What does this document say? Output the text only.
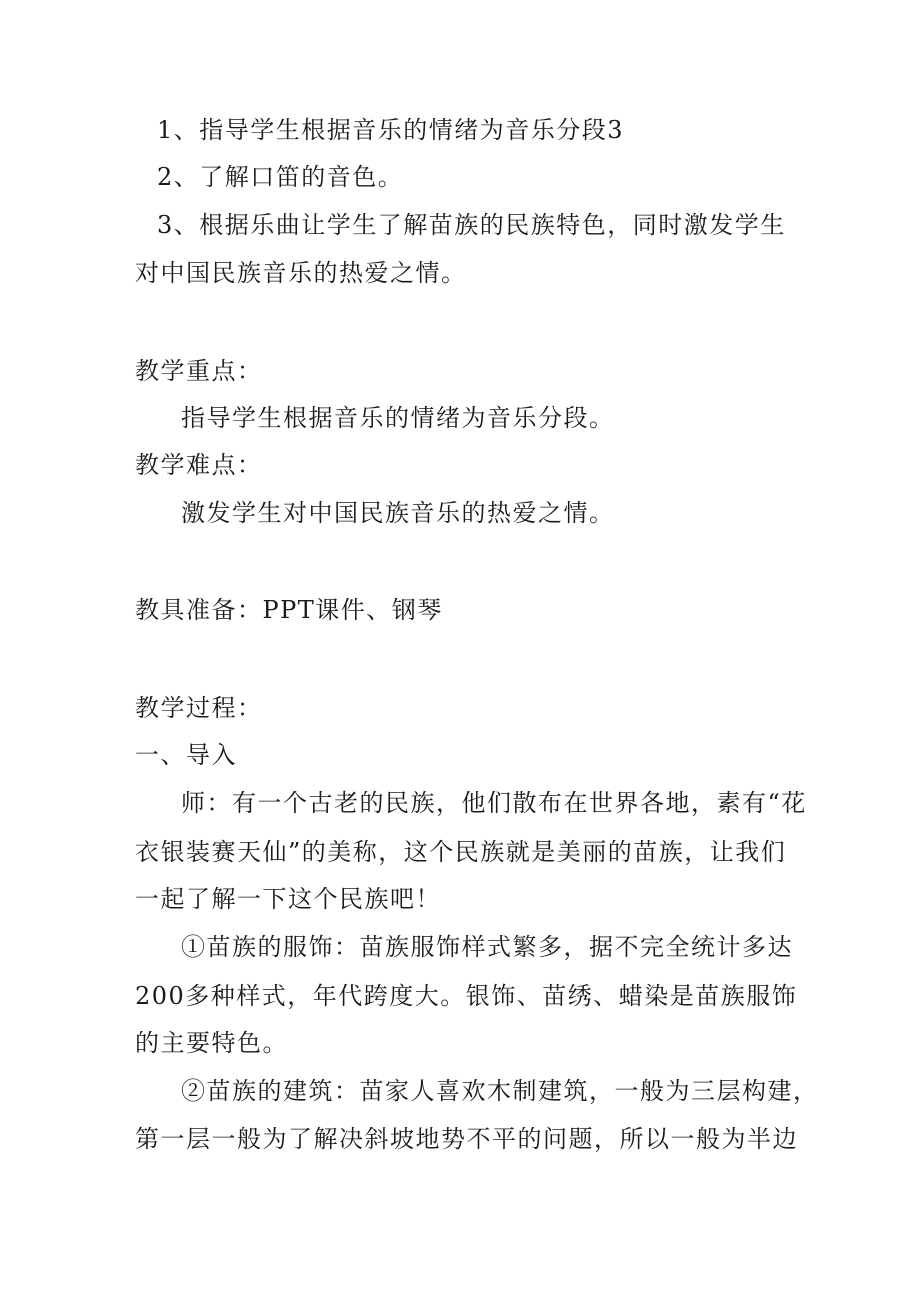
1、指导学生根据音乐的情绪为音乐分段3
2、了解口笛的音色。
3、根据乐曲让学生了解苗族的民族特色，同时激发学生
对中国民族音乐的热爱之情。
教学重点：
指导学生根据音乐的情绪为音乐分段。
教学难点：
激发学生对中国民族音乐的热爱之情。
教具准备：PPT课件、钢琴
教学过程：
一、导入
师：有一个古老的民族，他们散布在世界各地，素有“花
衣银装赛天仙”的美称，这个民族就是美丽的苗族，让我们
一起了解一下这个民族吧！
①苗族的服饰：苗族服饰样式繁多，据不完全统计多达
200多种样式，年代跨度大。银饰、苗绣、蜡染是苗族服饰
的主要特色。
②苗族的建筑：苗家人喜欢木制建筑，一般为三层构建，
第一层一般为了解决斜坡地势不平的问题，所以一般为半边
